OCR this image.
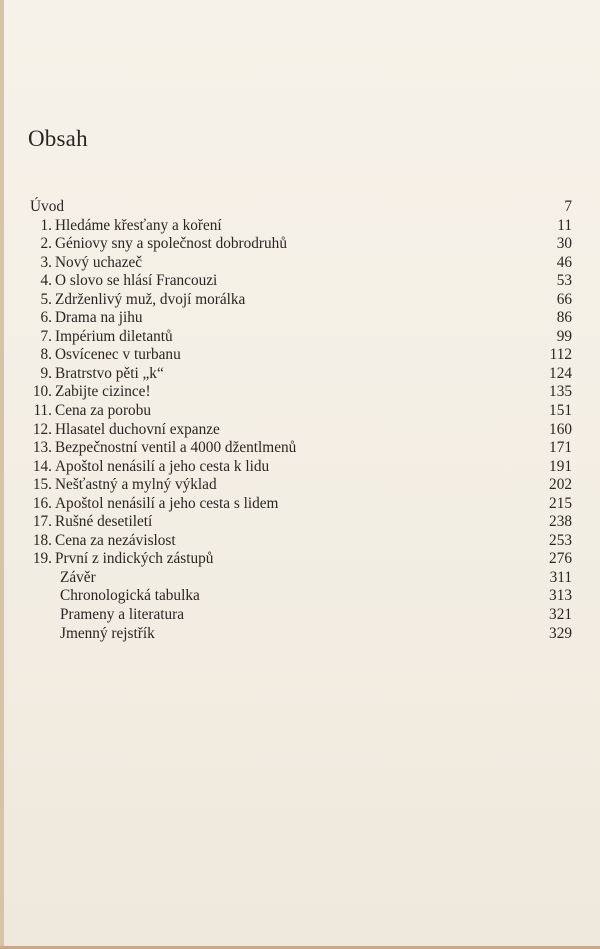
Obsah
Úvod	7
1. Hledáme křesťany a koření	11
2. Géniovy sny a společnost dobrodruhů	30
3. Nový uchazeč	46
4. O slovo se hlásí Francouzi	53
5. Zdrženlivý muž, dvojí morálka	66
6. Drama na jihu	86
7. Impérium diletantů	99
8. Osvícenec v turbanu	112
9. Bratrstvo pěti „k“	124
10. Zabijte cizince!	135
11. Cena za porobu	151
12. Hlasatel duchovní expanze	160
13. Bezpečnostní ventil a 4000 džentlmenů	171
14. Apoštol nenásilí a jeho cesta k lidu	191
15. Nešťastný a mylný výklad	202
16. Apoštol nenásilí a jeho cesta s lidem	215
17. Rušné desetiletí	238
18. Cena za nezávislost	253
19. První z indických zástupů	276
Závěr	311
Chronologická tabulka	313
Prameny a literatura	321
Jmenný rejstřík	329
